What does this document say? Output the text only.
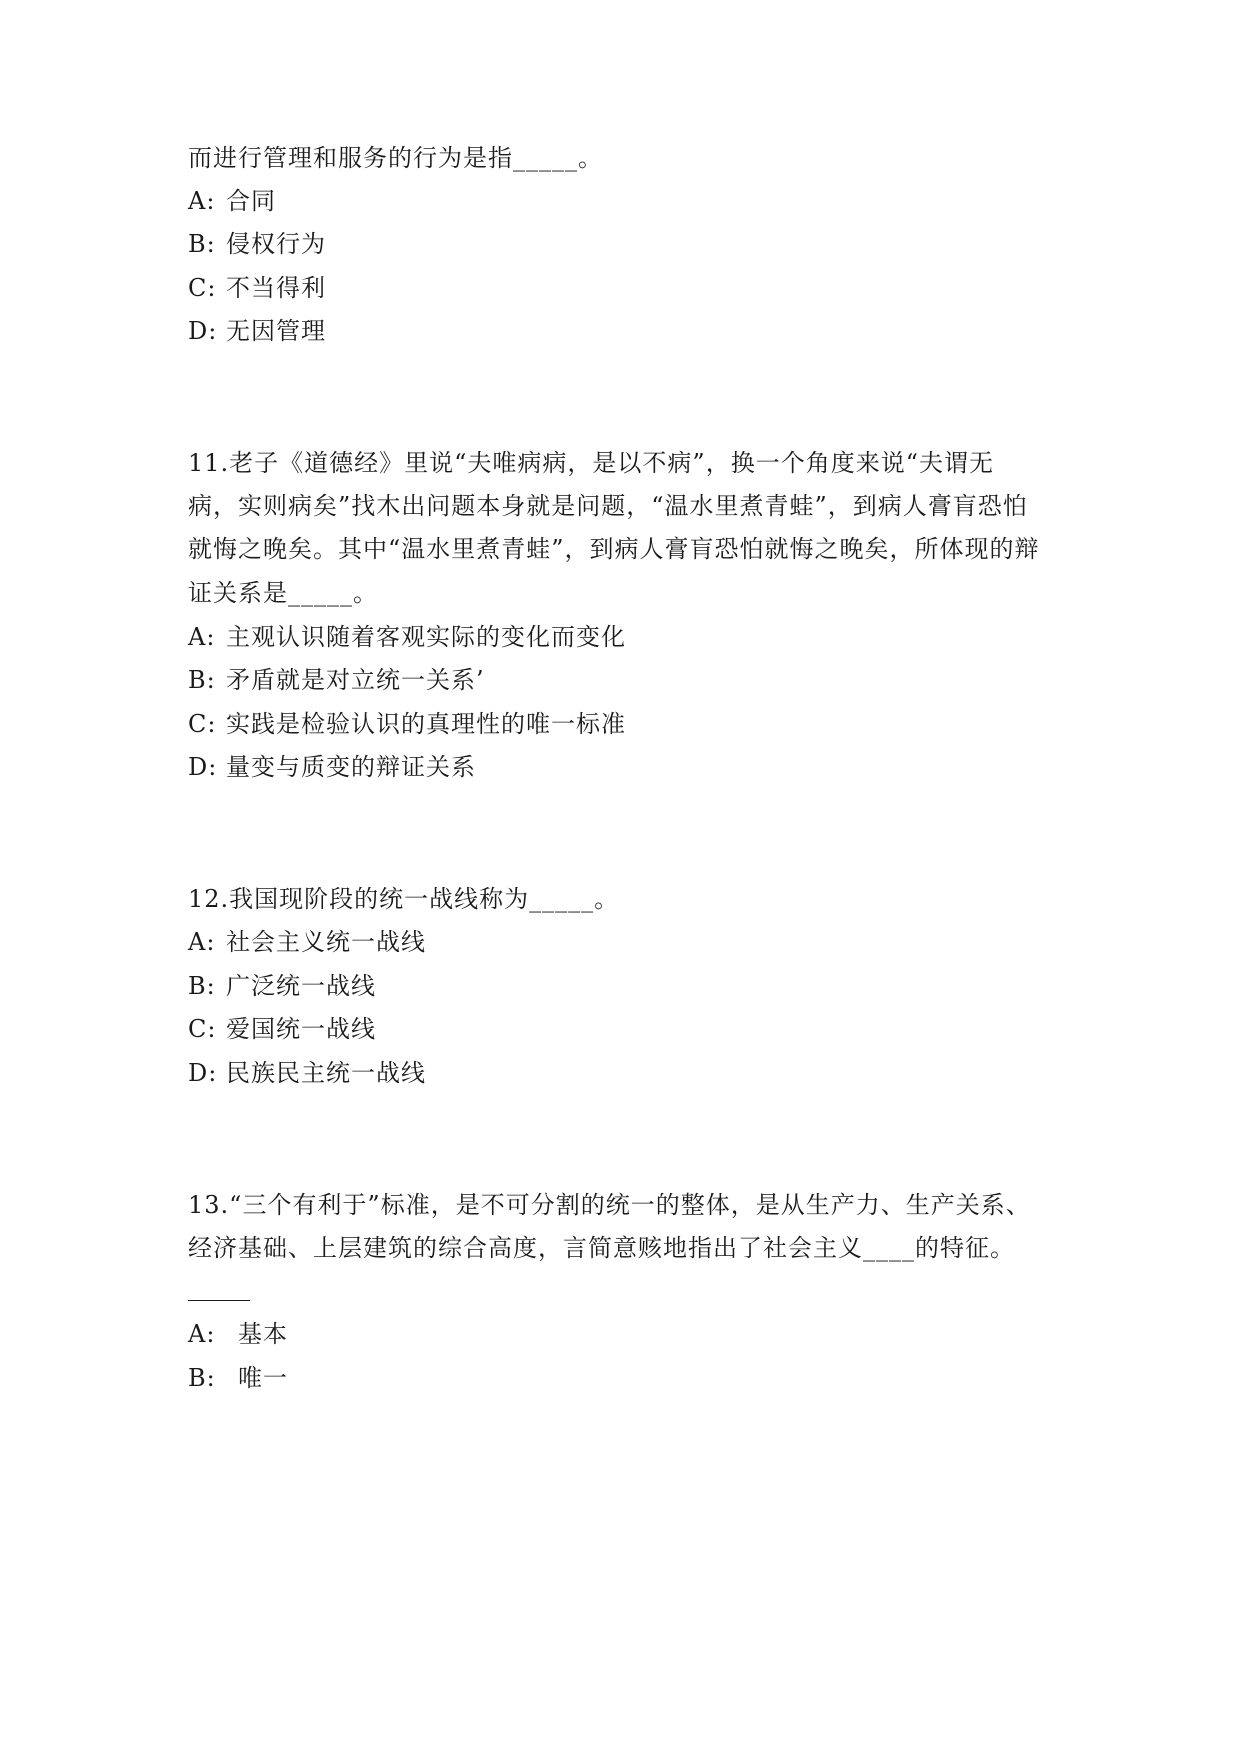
而进行管理和服务的行为是指_____。
A: 合同
B: 侵权行为
C: 不当得利
D: 无因管理
11.老子《道德经》里说“夫唯病病，是以不病”，换一个角度来说“夫谓无
病，实则病矣”找木出问题本身就是问题，“温水里煮青蛙”，到病人膏肓恐怕
就悔之晚矣。其中“温水里煮青蛙”，到病人膏肓恐怕就悔之晚矣，所体现的辩
证关系是_____。
A: 主观认识随着客观实际的变化而变化
B: 矛盾就是对立统一关系’
C: 实践是检验认识的真理性的唯一标准
D: 量变与质变的辩证关系
12.我国现阶段的统一战线称为_____。
A: 社会主义统一战线
B: 广泛统一战线
C: 爱国统一战线
D: 民族民主统一战线
13.“三个有利于”标准，是不可分割的统一的整体，是从生产力、生产关系、
经济基础、上层建筑的综合高度，言简意赅地指出了社会主义____的特征。
A: 基本
B: 唯一
